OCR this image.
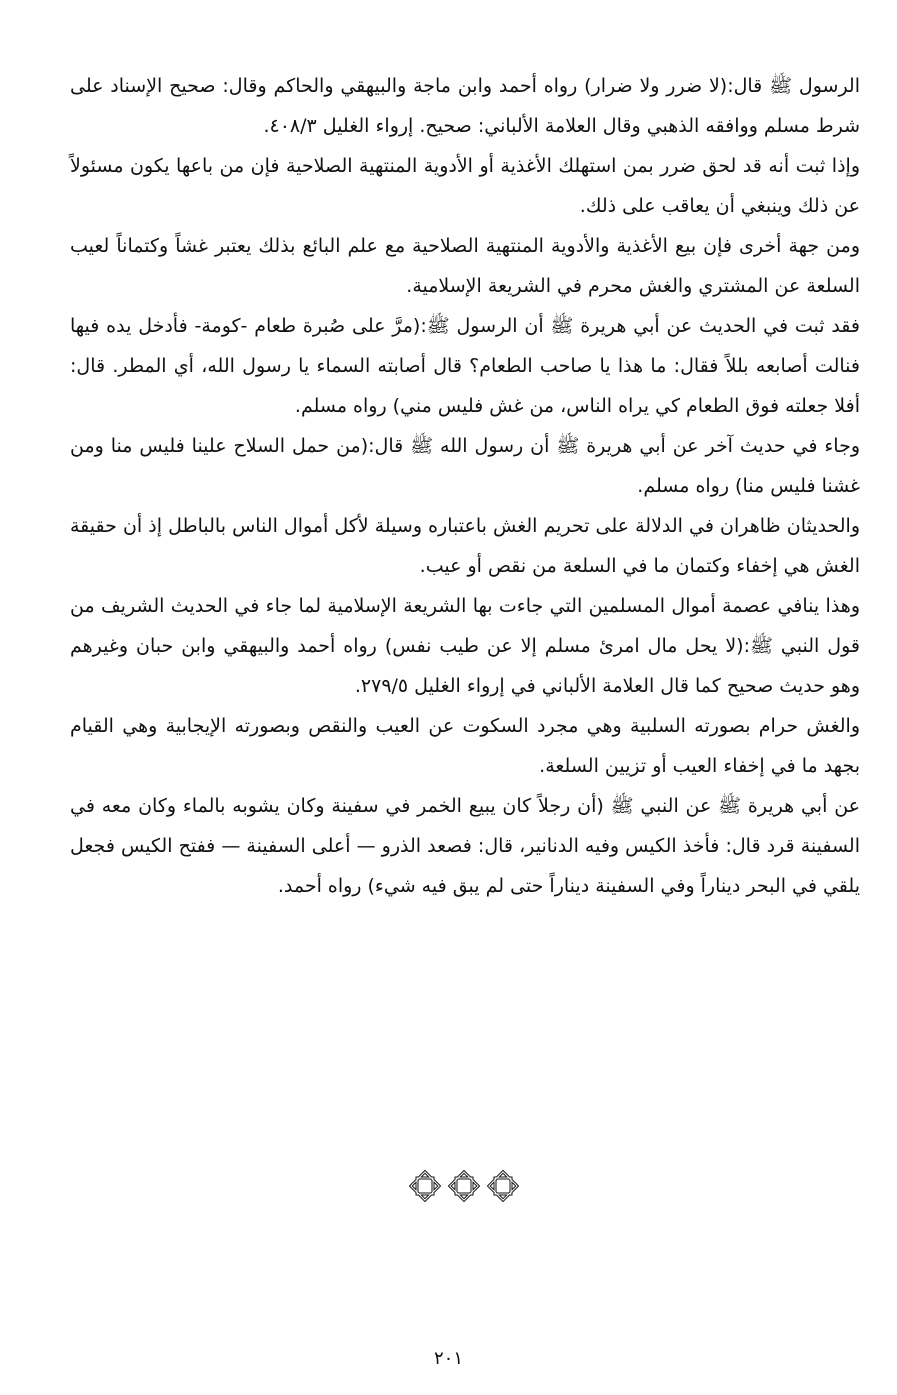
الرسول ﷺ قال:(لا ضرر ولا ضرار) رواه أحمد وابن ماجة والبيهقي والحاكم وقال: صحيح الإسناد على شرط مسلم ووافقه الذهبي وقال العلامة الألباني: صحيح. إرواء الغليل ٤٠٨/٣.

وإذا ثبت أنه قد لحق ضرر بمن استهلك الأغذية أو الأدوية المنتهية الصلاحية فإن من باعها يكون مسئولاً عن ذلك وينبغي أن يعاقب على ذلك.

ومن جهة أخرى فإن بيع الأغذية والأدوية المنتهية الصلاحية مع علم البائع بذلك يعتبر غشاً وكتماناً لعيب السلعة عن المشتري والغش محرم في الشريعة الإسلامية.

فقد ثبت في الحديث عن أبي هريرة ﷺ أن الرسول ﷺ:(مرَّ على صُبرة طعام -كومة- فأدخل يده فيها فنالت أصابعه بللاً فقال: ما هذا يا صاحب الطعام؟ قال أصابته السماء يا رسول الله، أي المطر. قال: أفلا جعلته فوق الطعام كي يراه الناس، من غش فليس مني) رواه مسلم.

وجاء في حديث آخر عن أبي هريرة ﷺ أن رسول الله ﷺ قال:(من حمل السلاح علينا فليس منا ومن غشنا فليس منا) رواه مسلم.

والحديثان ظاهران في الدلالة على تحريم الغش باعتباره وسيلة لأكل أموال الناس بالباطل إذ أن حقيقة الغش هي إخفاء وكتمان ما في السلعة من نقص أو عيب.

وهذا ينافي عصمة أموال المسلمين التي جاءت بها الشريعة الإسلامية لما جاء في الحديث الشريف من قول النبي ﷺ:(لا يحل مال امرئ مسلم إلا عن طيب نفس) رواه أحمد والبيهقي وابن حبان وغيرهم وهو حديث صحيح كما قال العلامة الألباني في إرواء الغليل ٢٧٩/٥.

والغش حرام بصورته السلبية وهي مجرد السكوت عن العيب والنقص وبصورته الإيجابية وهي القيام بجهد ما في إخفاء العيب أو تزيين السلعة.

عن أبي هريرة ﷺ عن النبي ﷺ (أن رجلاً كان يبيع الخمر في سفينة وكان يشوبه بالماء وكان معه في السفينة قرد قال: فأخذ الكيس وفيه الدنانير، قال: فصعد الذرو — أعلى السفينة — ففتح الكيس فجعل يلقي في البحر ديناراً وفي السفينة ديناراً حتى لم يبق فيه شيء) رواه أحمد.

٢٠١
